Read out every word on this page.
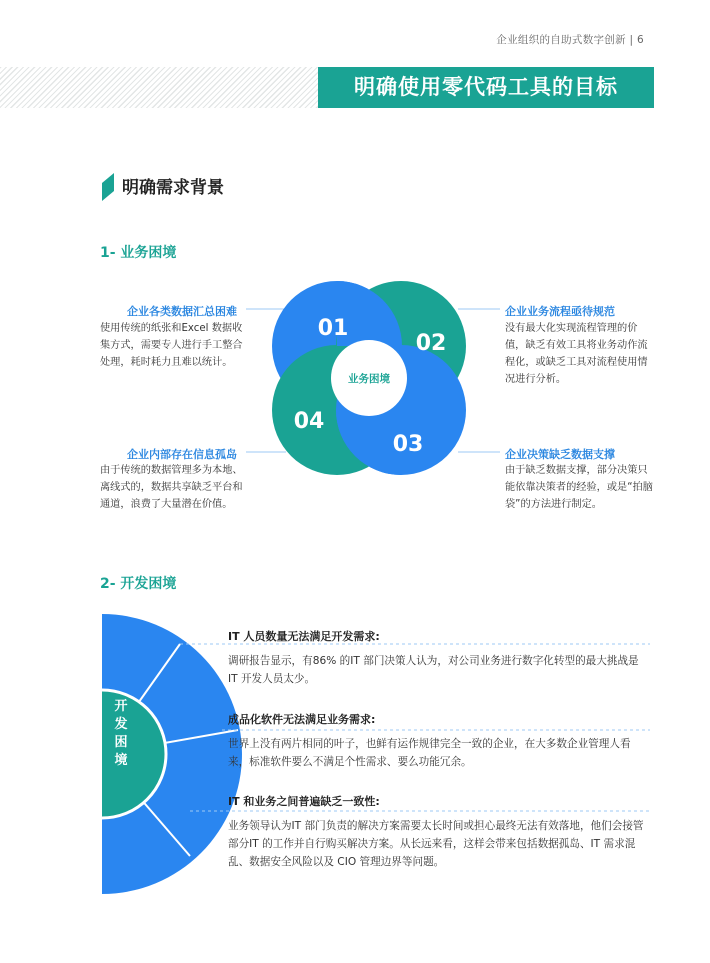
企业组织的自助式数字创新 | 6
明确使用零代码工具的目标
明确需求背景
1- 业务困境
业务困境
01
02
03
04
企业各类数据汇总困难
使用传统的纸张和Excel 数据收集方式，需要专人进行手工整合处理，耗时耗力且难以统计。
企业业务流程亟待规范
没有最大化实现流程管理的价值，缺乏有效工具将业务动作流程化，或缺乏工具对流程使用情况进行分析。
企业内部存在信息孤岛
由于传统的数据管理多为本地、离线式的，数据共享缺乏平台和通道，浪费了大量潜在价值。
企业决策缺乏数据支撑
由于缺乏数据支撑，部分决策只能依靠决策者的经验，或是“拍脑袋”的方法进行制定。
2- 开发困境
开
发
困
境
IT 人员数量无法满足开发需求:
调研报告显示，有86% 的IT 部门决策人认为，对公司业务进行数字化转型的最大挑战是IT 开发人员太少。
成品化软件无法满足业务需求:
世界上没有两片相同的叶子，也鲜有运作规律完全一致的企业，在大多数企业管理人看来，标准软件要么不满足个性需求、要么功能冗余。
IT 和业务之间普遍缺乏一致性:
业务领导认为IT 部门负责的解决方案需要太长时间或担心最终无法有效落地，他们会接管部分IT 的工作并自行购买解决方案。从长远来看，这样会带来包括数据孤岛、IT 需求混乱、数据安全风险以及 CIO 管理边界等问题。
